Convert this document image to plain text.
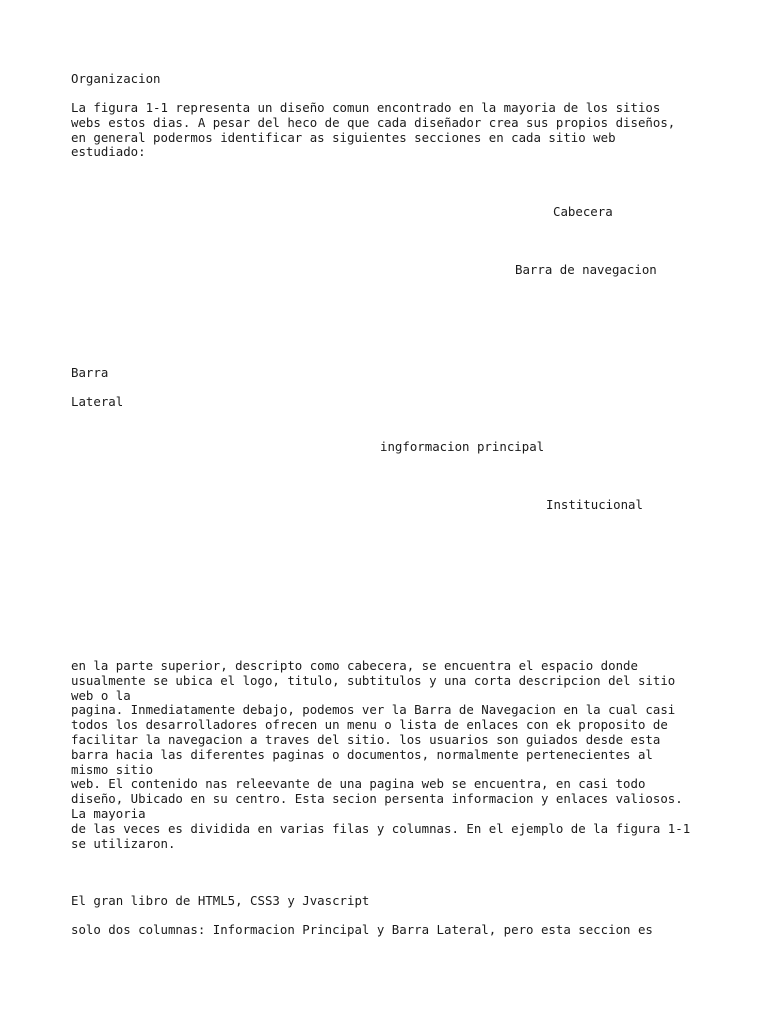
Organizacion

La figura 1-1 representa un diseño comun encontrado en la mayoria de los sitios
webs estos dias. A pesar del heco de que cada diseñador crea sus propios diseños,
en general podermos identificar as siguientes secciones en cada sitio web
estudiado:

Cabecera

Barra de navegacion

Barra

Lateral

ingformacion principal

Institucional

en la parte superior, descripto como cabecera, se encuentra el espacio donde
usualmente se ubica el logo, titulo, subtitulos y una corta descripcion del sitio
web o la
pagina. Inmediatamente debajo, podemos ver la Barra de Navegacion en la cual casi
todos los desarrolladores ofrecen un menu o lista de enlaces con ek proposito de
facilitar la navegacion a traves del sitio. los usuarios son guiados desde esta
barra hacia las diferentes paginas o documentos, normalmente pertenecientes al
mismo sitio
web. El contenido nas releevante de una pagina web se encuentra, en casi todo
diseño, Ubicado en su centro. Esta secion persenta informacion y enlaces valiosos.
La mayoria
de las veces es dividida en varias filas y columnas. En el ejemplo de la figura 1-1
se utilizaron.

El gran libro de HTML5, CSS3 y Jvascript

solo dos columnas: Informacion Principal y Barra Lateral, pero esta seccion es
